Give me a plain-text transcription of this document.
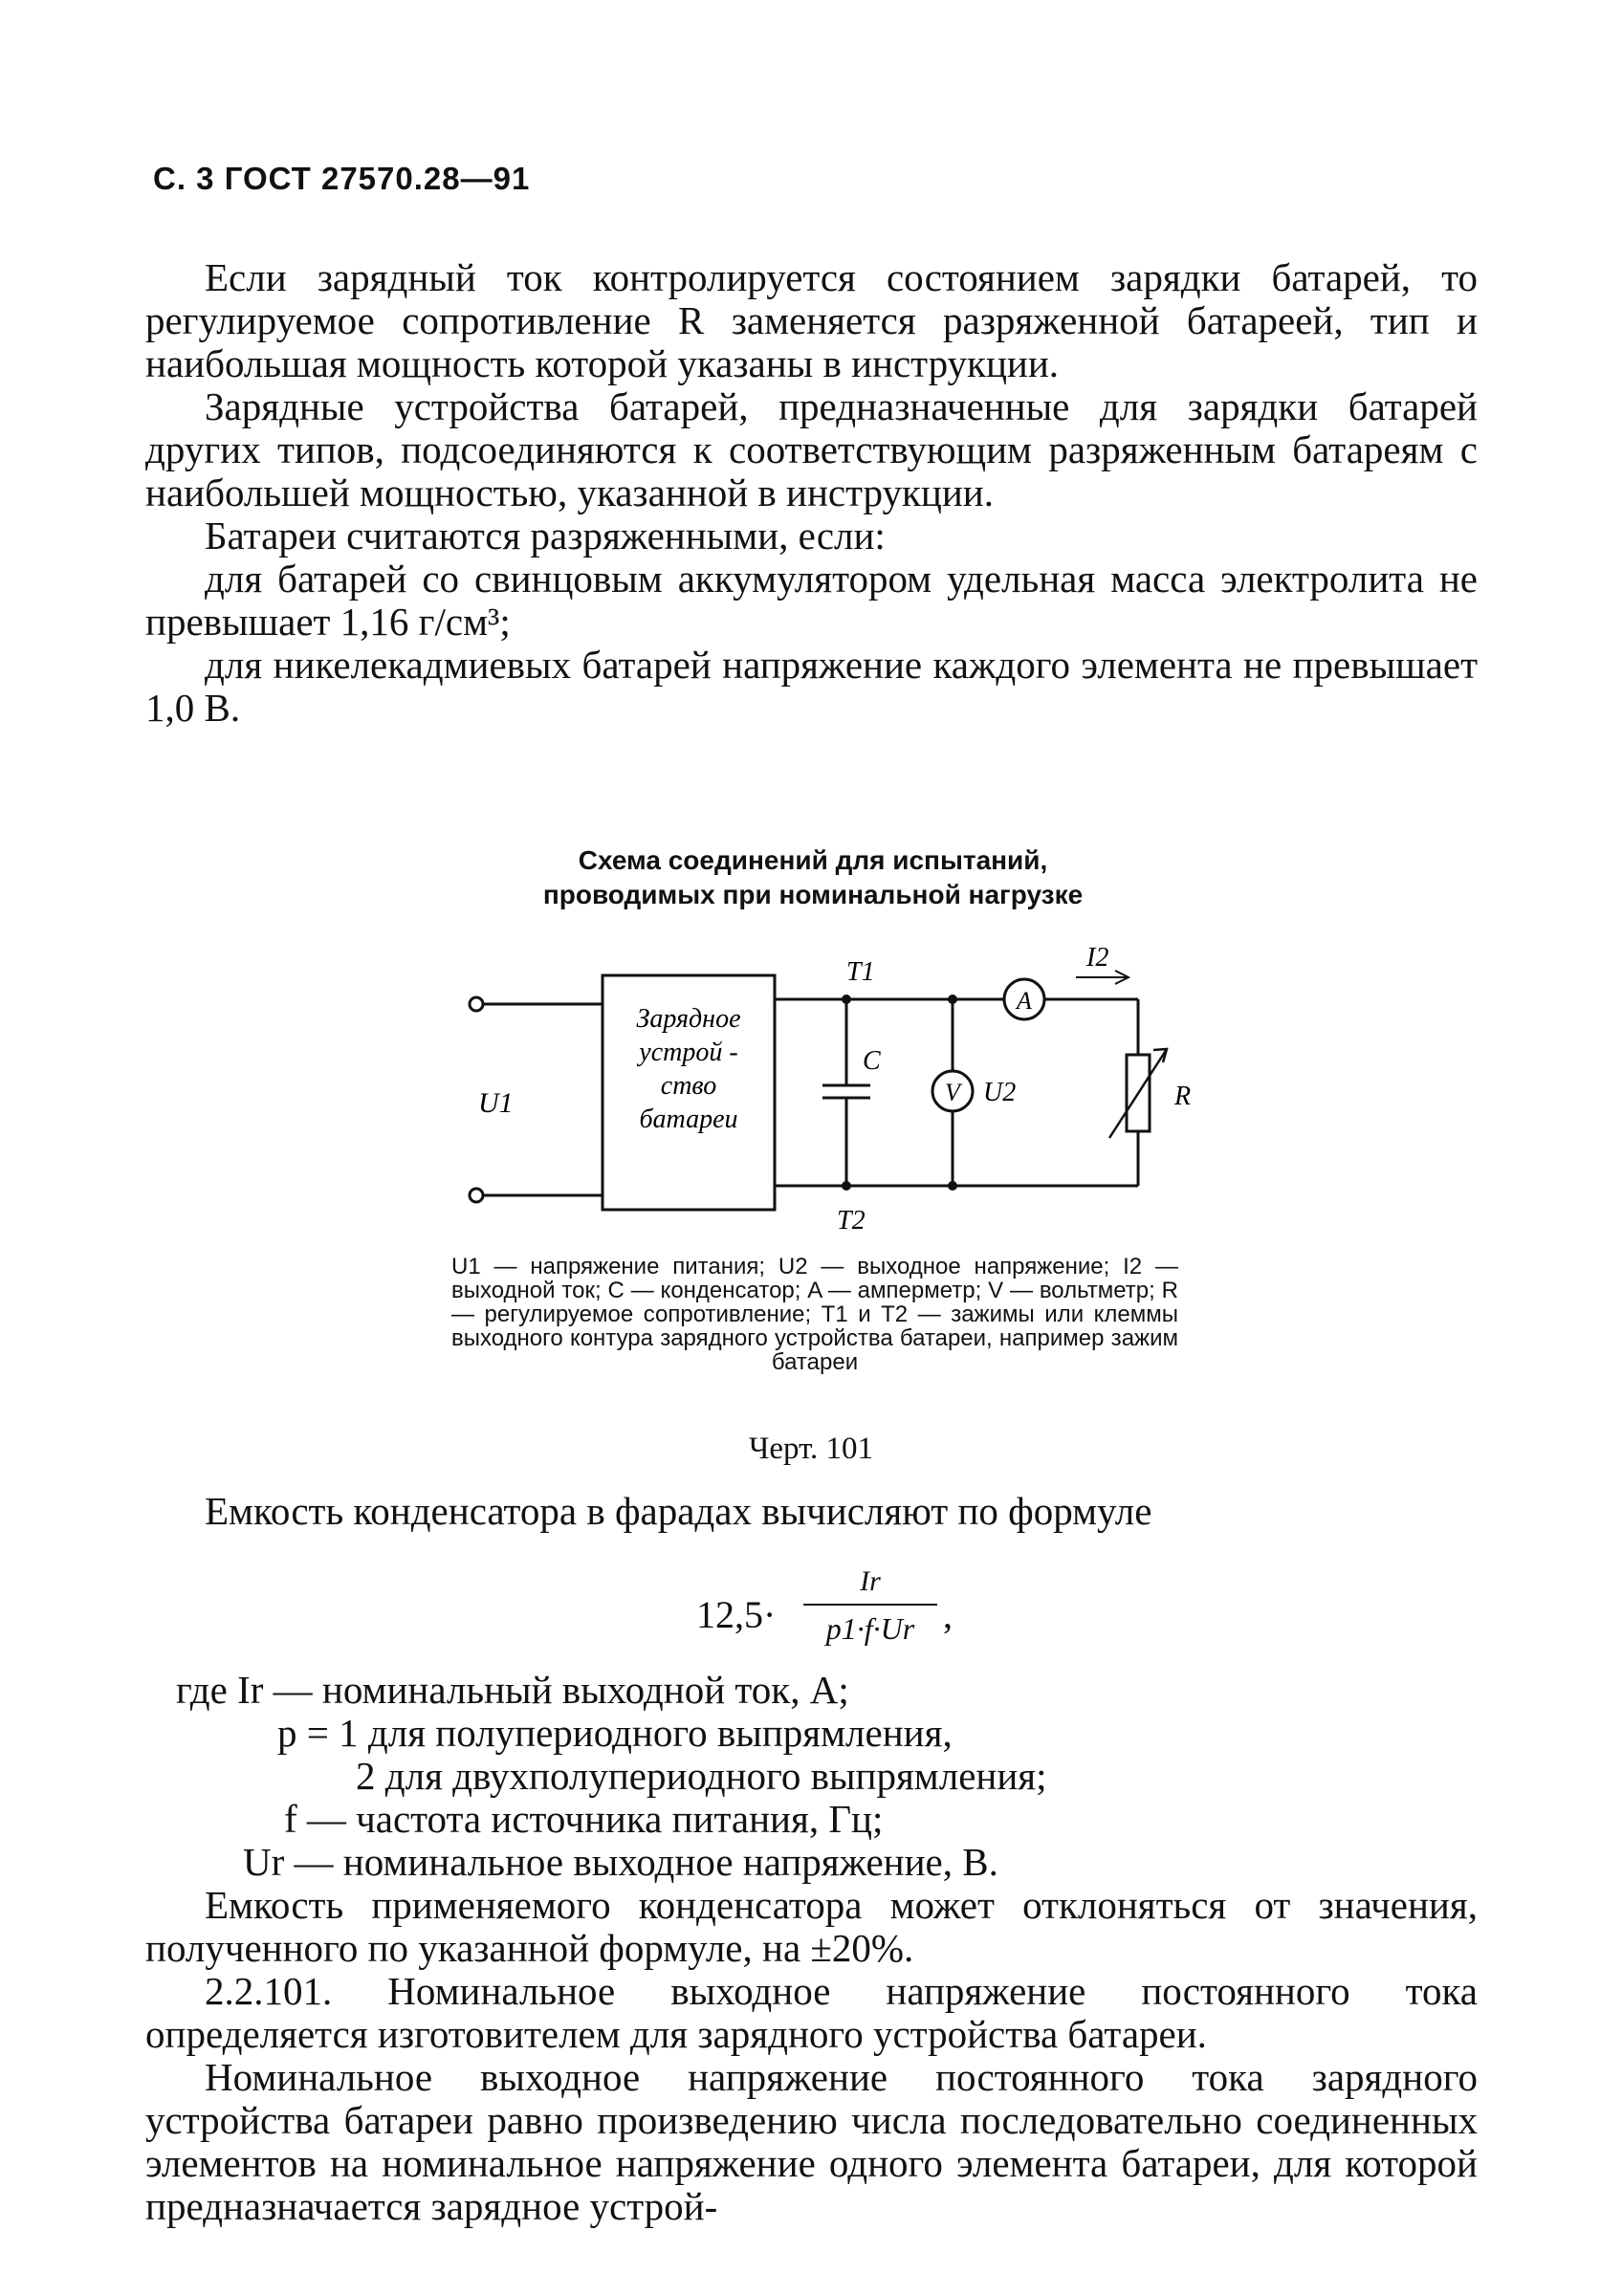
С. 3 ГОСТ 27570.28—91

Если зарядный ток контролируется состоянием зарядки батарей, то регулируемое сопротивление R заменяется разряженной батареей, тип и наибольшая мощность которой указаны в инструкции.

Зарядные устройства батарей, предназначенные для зарядки батарей других типов, подсоединяются к соответствующим разряженным батареям с наибольшей мощностью, указанной в инструкции.

Батареи считаются разряженными, если:

для батарей со свинцовым аккумулятором удельная масса электролита не превышает 1,16 г/см³;

для никелекадмиевых батарей напряжение каждого элемента не превышает 1,0 В.

Схема соединений для испытаний,
проводимых при номинальной нагрузке
U1
Зарядное
устрой -
ство
батареи
T1
T2
C
V U2
A
I2
R
U1 — напряжение питания; U2 — выходное напряжение; I2 — выходной ток; C — конденсатор; A — амперметр; V — вольтметр; R — регулируемое сопротивление; T1 и T2 — зажимы или клеммы выходного контура зарядного устройства батареи, например зажим батареи
Черт. 101

Емкость конденсатора в фарадах вычисляют по формуле

12,5·
Ir
p1·f·Ur ,
где Ir — номинальный выходной ток, А;
p = 1 для полупериодного выпрямления,
2 для двухполупериодного выпрямления;
f — частота источника питания, Гц;
Ur — номинальное выходное напряжение, В.

Емкость применяемого конденсатора может отклоняться от значения, полученного по указанной формуле, на ±20%.

2.2.101. Номинальное выходное напряжение постоянного тока определяется изготовителем для зарядного устройства батареи.

Номинальное выходное напряжение постоянного тока зарядного устройства батареи равно произведению числа последовательно соединенных элементов на номинальное напряжение одного элемента батареи, для которой предназначается зарядное устрой-
